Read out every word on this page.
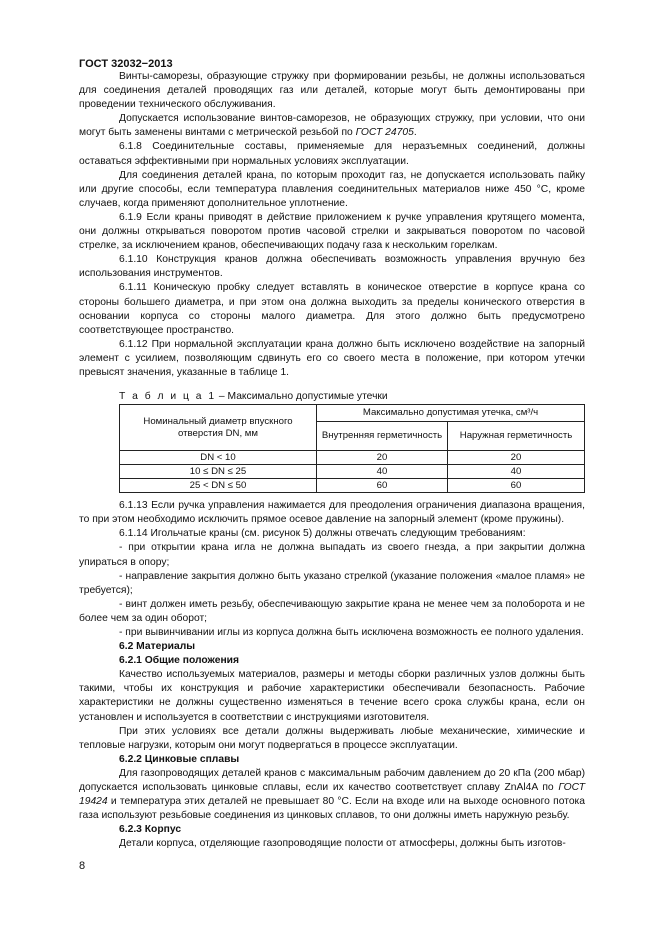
ГОСТ 32032−2013

Винты-саморезы, образующие стружку при формировании резьбы, не должны использоваться для соединения деталей проводящих газ или деталей, которые могут быть демонтированы при проведении технического обслуживания.

Допускается использование винтов-саморезов, не образующих стружку, при условии, что они могут быть заменены винтами с метрической резьбой по ГОСТ 24705.

6.1.8 Соединительные составы, применяемые для неразъемных соединений, должны оставаться эффективными при нормальных условиях эксплуатации.

Для соединения деталей крана, по которым проходит газ, не допускается использовать пайку или другие способы, если температура плавления соединительных материалов ниже 450 °С, кроме случаев, когда применяют дополнительное уплотнение.

6.1.9 Если краны приводят в действие приложением к ручке управления крутящего момента, они должны открываться поворотом против часовой стрелки и закрываться поворотом по часовой стрелке, за исключением кранов, обеспечивающих подачу газа к нескольким горелкам.

6.1.10 Конструкция кранов должна обеспечивать возможность управления вручную без использования инструментов.

6.1.11 Коническую пробку следует вставлять в коническое отверстие в корпусе крана со стороны большего диаметра, и при этом она должна выходить за пределы конического отверстия в основании корпуса со стороны малого диаметра. Для этого должно быть предусмотрено соответствующее пространство.

6.1.12 При нормальной эксплуатации крана должно быть исключено воздействие на запорный элемент с усилием, позволяющим сдвинуть его со своего места в положение, при котором утечки превысят значения, указанные в таблице 1.

Т а б л и ц а 1 – Максимально допустимые утечки
Номинальный диаметр впускного отверстия DN, мм	Максимально допустимая утечка, см³/ч	
	Внутренняя герметичность	Наружная герметичность
DN < 10	20	20
10 ≤ DN ≤ 25	40	40
25 < DN ≤ 50	60	60

6.1.13 Если ручка управления нажимается для преодоления ограничения диапазона вращения, то при этом необходимо исключить прямое осевое давление на запорный элемент (кроме пружины).

6.1.14 Игольчатые краны (см. рисунок 5) должны отвечать следующим требованиям:

- при открытии крана игла не должна выпадать из своего гнезда, а при закрытии должна упираться в опору;

- направление закрытия должно быть указано стрелкой (указание положения «малое пламя» не требуется);

- винт должен иметь резьбу, обеспечивающую закрытие крана не менее чем за полоборота и не более чем за один оборот;

- при вывинчивании иглы из корпуса должна быть исключена возможность ее полного удаления.

6.2 Материалы

6.2.1 Общие положения

Качество используемых материалов, размеры и методы сборки различных узлов должны быть такими, чтобы их конструкция и рабочие характеристики обеспечивали безопасность. Рабочие характеристики не должны существенно изменяться в течение всего срока службы крана, если он установлен и используется в соответствии с инструкциями изготовителя.

При этих условиях все детали должны выдерживать любые механические, химические и тепловые нагрузки, которым они могут подвергаться в процессе эксплуатации.

6.2.2 Цинковые сплавы

Для газопроводящих деталей кранов с максимальным рабочим давлением до 20 кПа (200 мбар) допускается использовать цинковые сплавы, если их качество соответствует сплаву ZnAl4A по ГОСТ 19424 и температура этих деталей не превышает 80 °С. Если на входе или на выходе основного потока газа используют резьбовые соединения из цинковых сплавов, то они должны иметь наружную резьбу.

6.2.3 Корпус

Детали корпуса, отделяющие газопроводящие полости от атмосферы, должны быть изготов-

8
